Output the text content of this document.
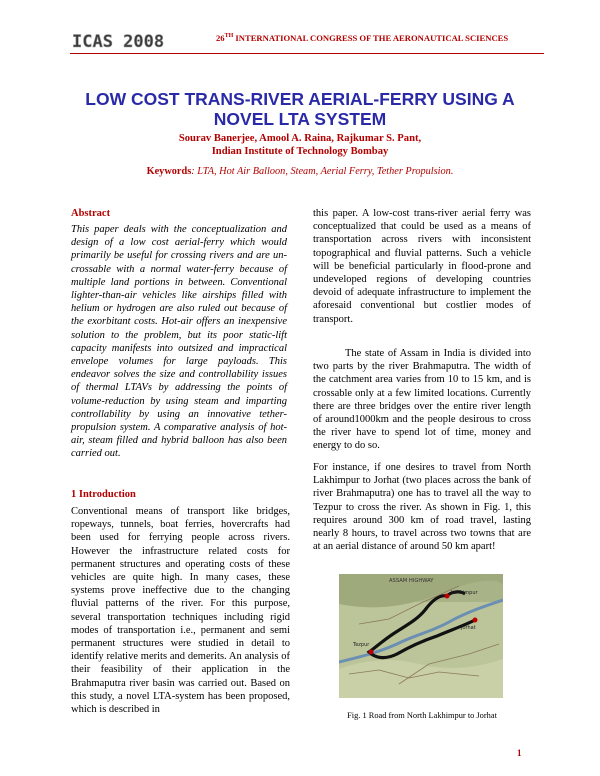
ICAS 2008	26TH INTERNATIONAL CONGRESS OF THE AERONAUTICAL SCIENCES
LOW COST TRANS-RIVER AERIAL-FERRY USING A
NOVEL LTA SYSTEM
Sourav Banerjee, Amool A. Raina, Rajkumar S. Pant,
Indian Institute of Technology Bombay
Keywords: LTA, Hot Air Balloon, Steam, Aerial Ferry, Tether Propulsion.
Abstract
This paper deals with the conceptualization and design of a low cost aerial-ferry which would primarily be useful for crossing rivers and are un-crossable with a normal water-ferry because of multiple land portions in between. Conventional lighter-than-air vehicles like airships filled with helium or hydrogen are also ruled out because of the exorbitant costs. Hot-air offers an inexpensive solution to the problem, but its poor static-lift capacity manifests into outsized and impractical envelope volumes for large payloads. This endeavor solves the size and controllability issues of thermal LTAVs by addressing the points of volume-reduction by using steam and imparting controllability by using an innovative tether-propulsion system. A comparative analysis of hot-air, steam filled and hybrid balloon has also been carried out.
1 Introduction
Conventional means of transport like bridges, ropeways, tunnels, boat ferries, hovercrafts had been used for ferrying people across rivers. However the infrastructure related costs for permanent structures and operating costs of these vehicles are quite high. In many cases, these systems prove ineffective due to the changing fluvial patterns of the river. For this purpose, several transportation techniques including rigid modes of transportation i.e., permanent and semi permanent structures were studied in detail to identify relative merits and demerits. An analysis of their feasibility of their application in the Brahmaputra river basin was carried out. Based on this study, a novel LTA-system has been proposed, which is described in
this paper. A low-cost trans-river aerial ferry was conceptualized that could be used as a means of transportation across rivers with inconsistent topographical and fluvial patterns. Such a vehicle will be beneficial particularly in flood-prone and undeveloped regions of developing countries devoid of adequate infrastructure to implement the aforesaid conventional but costlier modes of transport.
The state of Assam in India is divided into two parts by the river Brahmaputra. The width of the catchment area varies from 10 to 15 km, and is crossable only at a few limited locations. Currently there are three bridges over the entire river length of around1000km and the people desirous to cross the river have to spend lot of time, money and energy to do so.
For instance, if one desires to travel from North Lakhimpur to Jorhat (two places across the bank of river Brahmaputra) one has to travel all the way to Tezpur to cross the river. As shown in Fig. 1, this requires around 300 km of road travel, lasting nearly 8 hours, to travel across two towns that are at an aerial distance of around 50 km apart!
ASSAM HIGHWAY
Lakhimpur
Jorhat
Tezpur
Fig. 1 Road from North Lakhimpur to Jorhat
1
